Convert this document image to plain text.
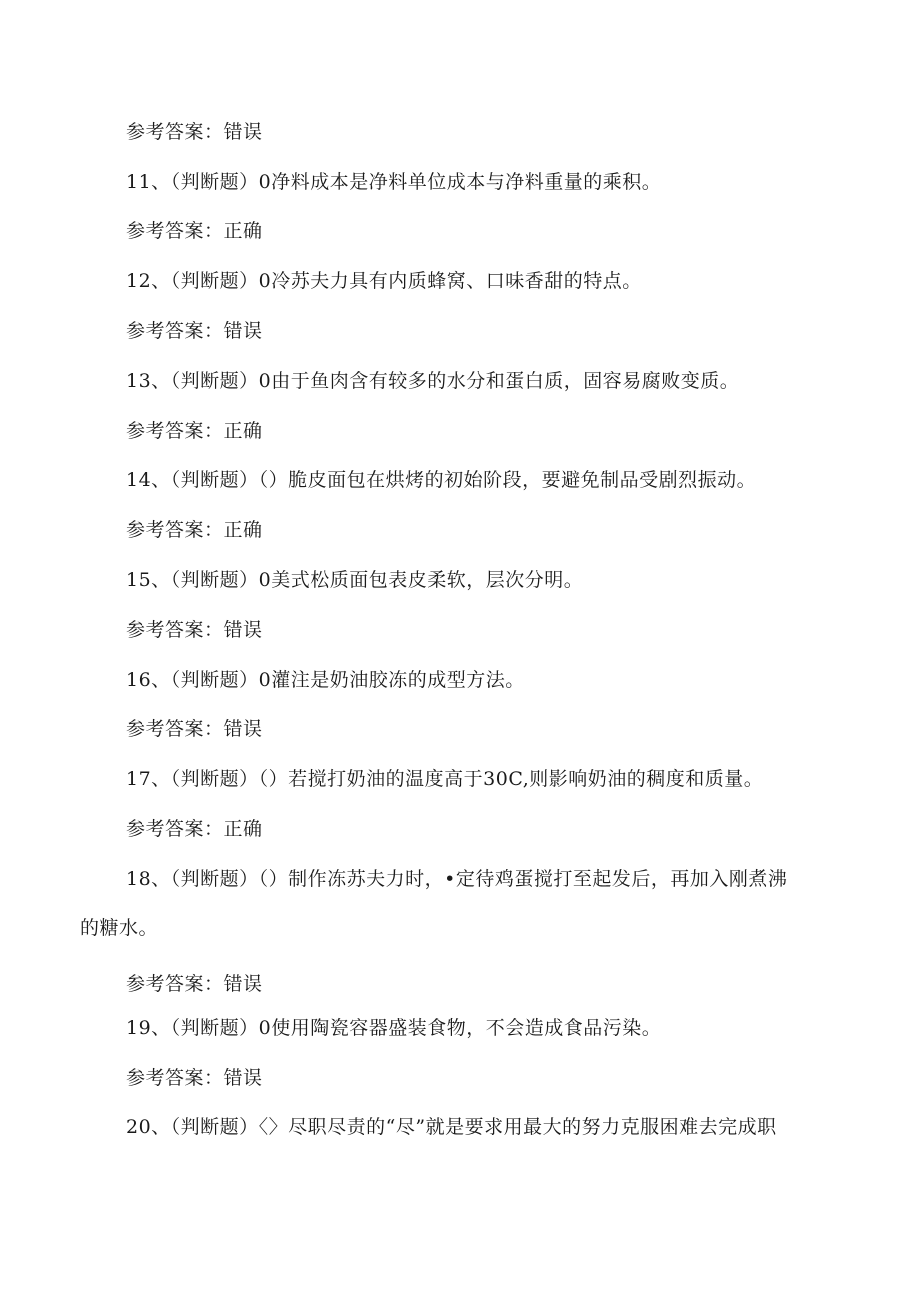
参考答案：错误
11、（判断题）0净料成本是净料单位成本与净料重量的乘积。
参考答案：正确
12、（判断题）0冷苏夫力具有内质蜂窝、口味香甜的特点。
参考答案：错误
13、（判断题）0由于鱼肉含有较多的水分和蛋白质，固容易腐败变质。
参考答案：正确
14、（判断题）（）脆皮面包在烘烤的初始阶段，要避免制品受剧烈振动。
参考答案：正确
15、（判断题）0美式松质面包表皮柔软，层次分明。
参考答案：错误
16、（判断题）0灌注是奶油胶冻的成型方法。
参考答案：错误
17、（判断题）（）若搅打奶油的温度高于30C,则影响奶油的稠度和质量。
参考答案：正确
18、（判断题）（）制作冻苏夫力时，•定待鸡蛋搅打至起发后，再加入刚煮沸
的糖水。
参考答案：错误
19、（判断题）0使用陶瓷容器盛装食物，不会造成食品污染。
参考答案：错误
20、（判断题）〈〉尽职尽责的“尽”就是要求用最大的努力克服困难去完成职
